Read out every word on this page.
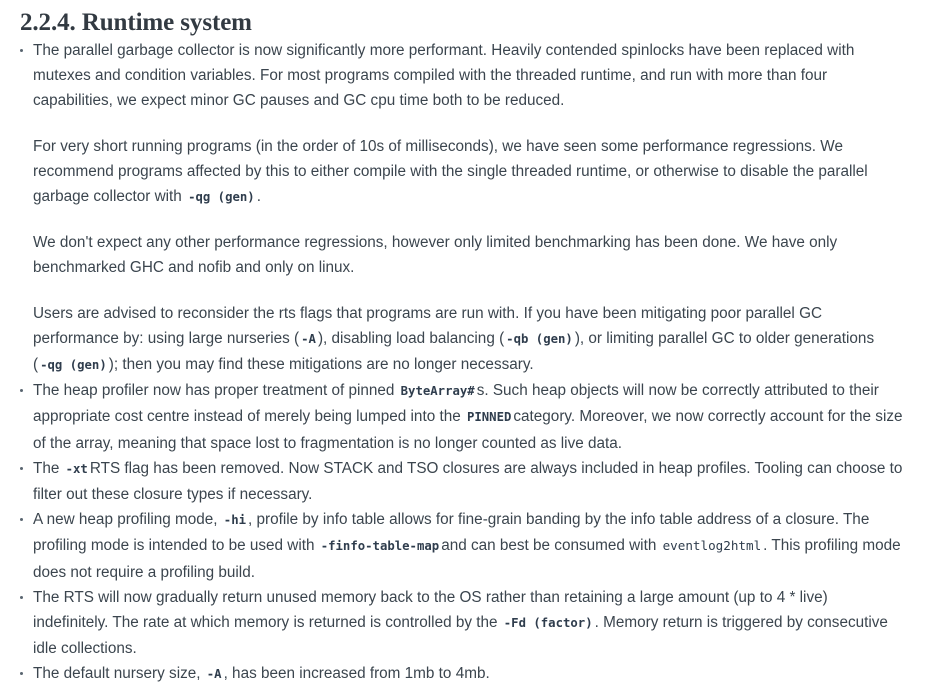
2.2.4. Runtime system

The parallel garbage collector is now significantly more performant. Heavily contended spinlocks have been replaced with mutexes and condition variables. For most programs compiled with the threaded runtime, and run with more than four capabilities, we expect minor GC pauses and GC cpu time both to be reduced.

For very short running programs (in the order of 10s of milliseconds), we have seen some performance regressions. We recommend programs affected by this to either compile with the single threaded runtime, or otherwise to disable the parallel garbage collector with -qg (gen) .

We don't expect any other performance regressions, however only limited benchmarking has been done. We have only benchmarked GHC and nofib and only on linux.

Users are advised to reconsider the rts flags that programs are run with. If you have been mitigating poor parallel GC performance by: using large nurseries ( -A ), disabling load balancing ( -qb (gen) ), or limiting parallel GC to older generations ( -qg (gen) ); then you may find these mitigations are no longer necessary.

The heap profiler now has proper treatment of pinned ByteArray# s. Such heap objects will now be correctly attributed to their appropriate cost centre instead of merely being lumped into the PINNED category. Moreover, we now correctly account for the size of the array, meaning that space lost to fragmentation is no longer counted as live data.

The -xt RTS flag has been removed. Now STACK and TSO closures are always included in heap profiles. Tooling can choose to filter out these closure types if necessary.

A new heap profiling mode, -hi , profile by info table allows for fine-grain banding by the info table address of a closure. The profiling mode is intended to be used with -finfo-table-map and can best be consumed with eventlog2html . This profiling mode does not require a profiling build.

The RTS will now gradually return unused memory back to the OS rather than retaining a large amount (up to 4 * live) indefinitely. The rate at which memory is returned is controlled by the -Fd (factor) . Memory return is triggered by consecutive idle collections.

The default nursery size, -A , has been increased from 1mb to 4mb.
